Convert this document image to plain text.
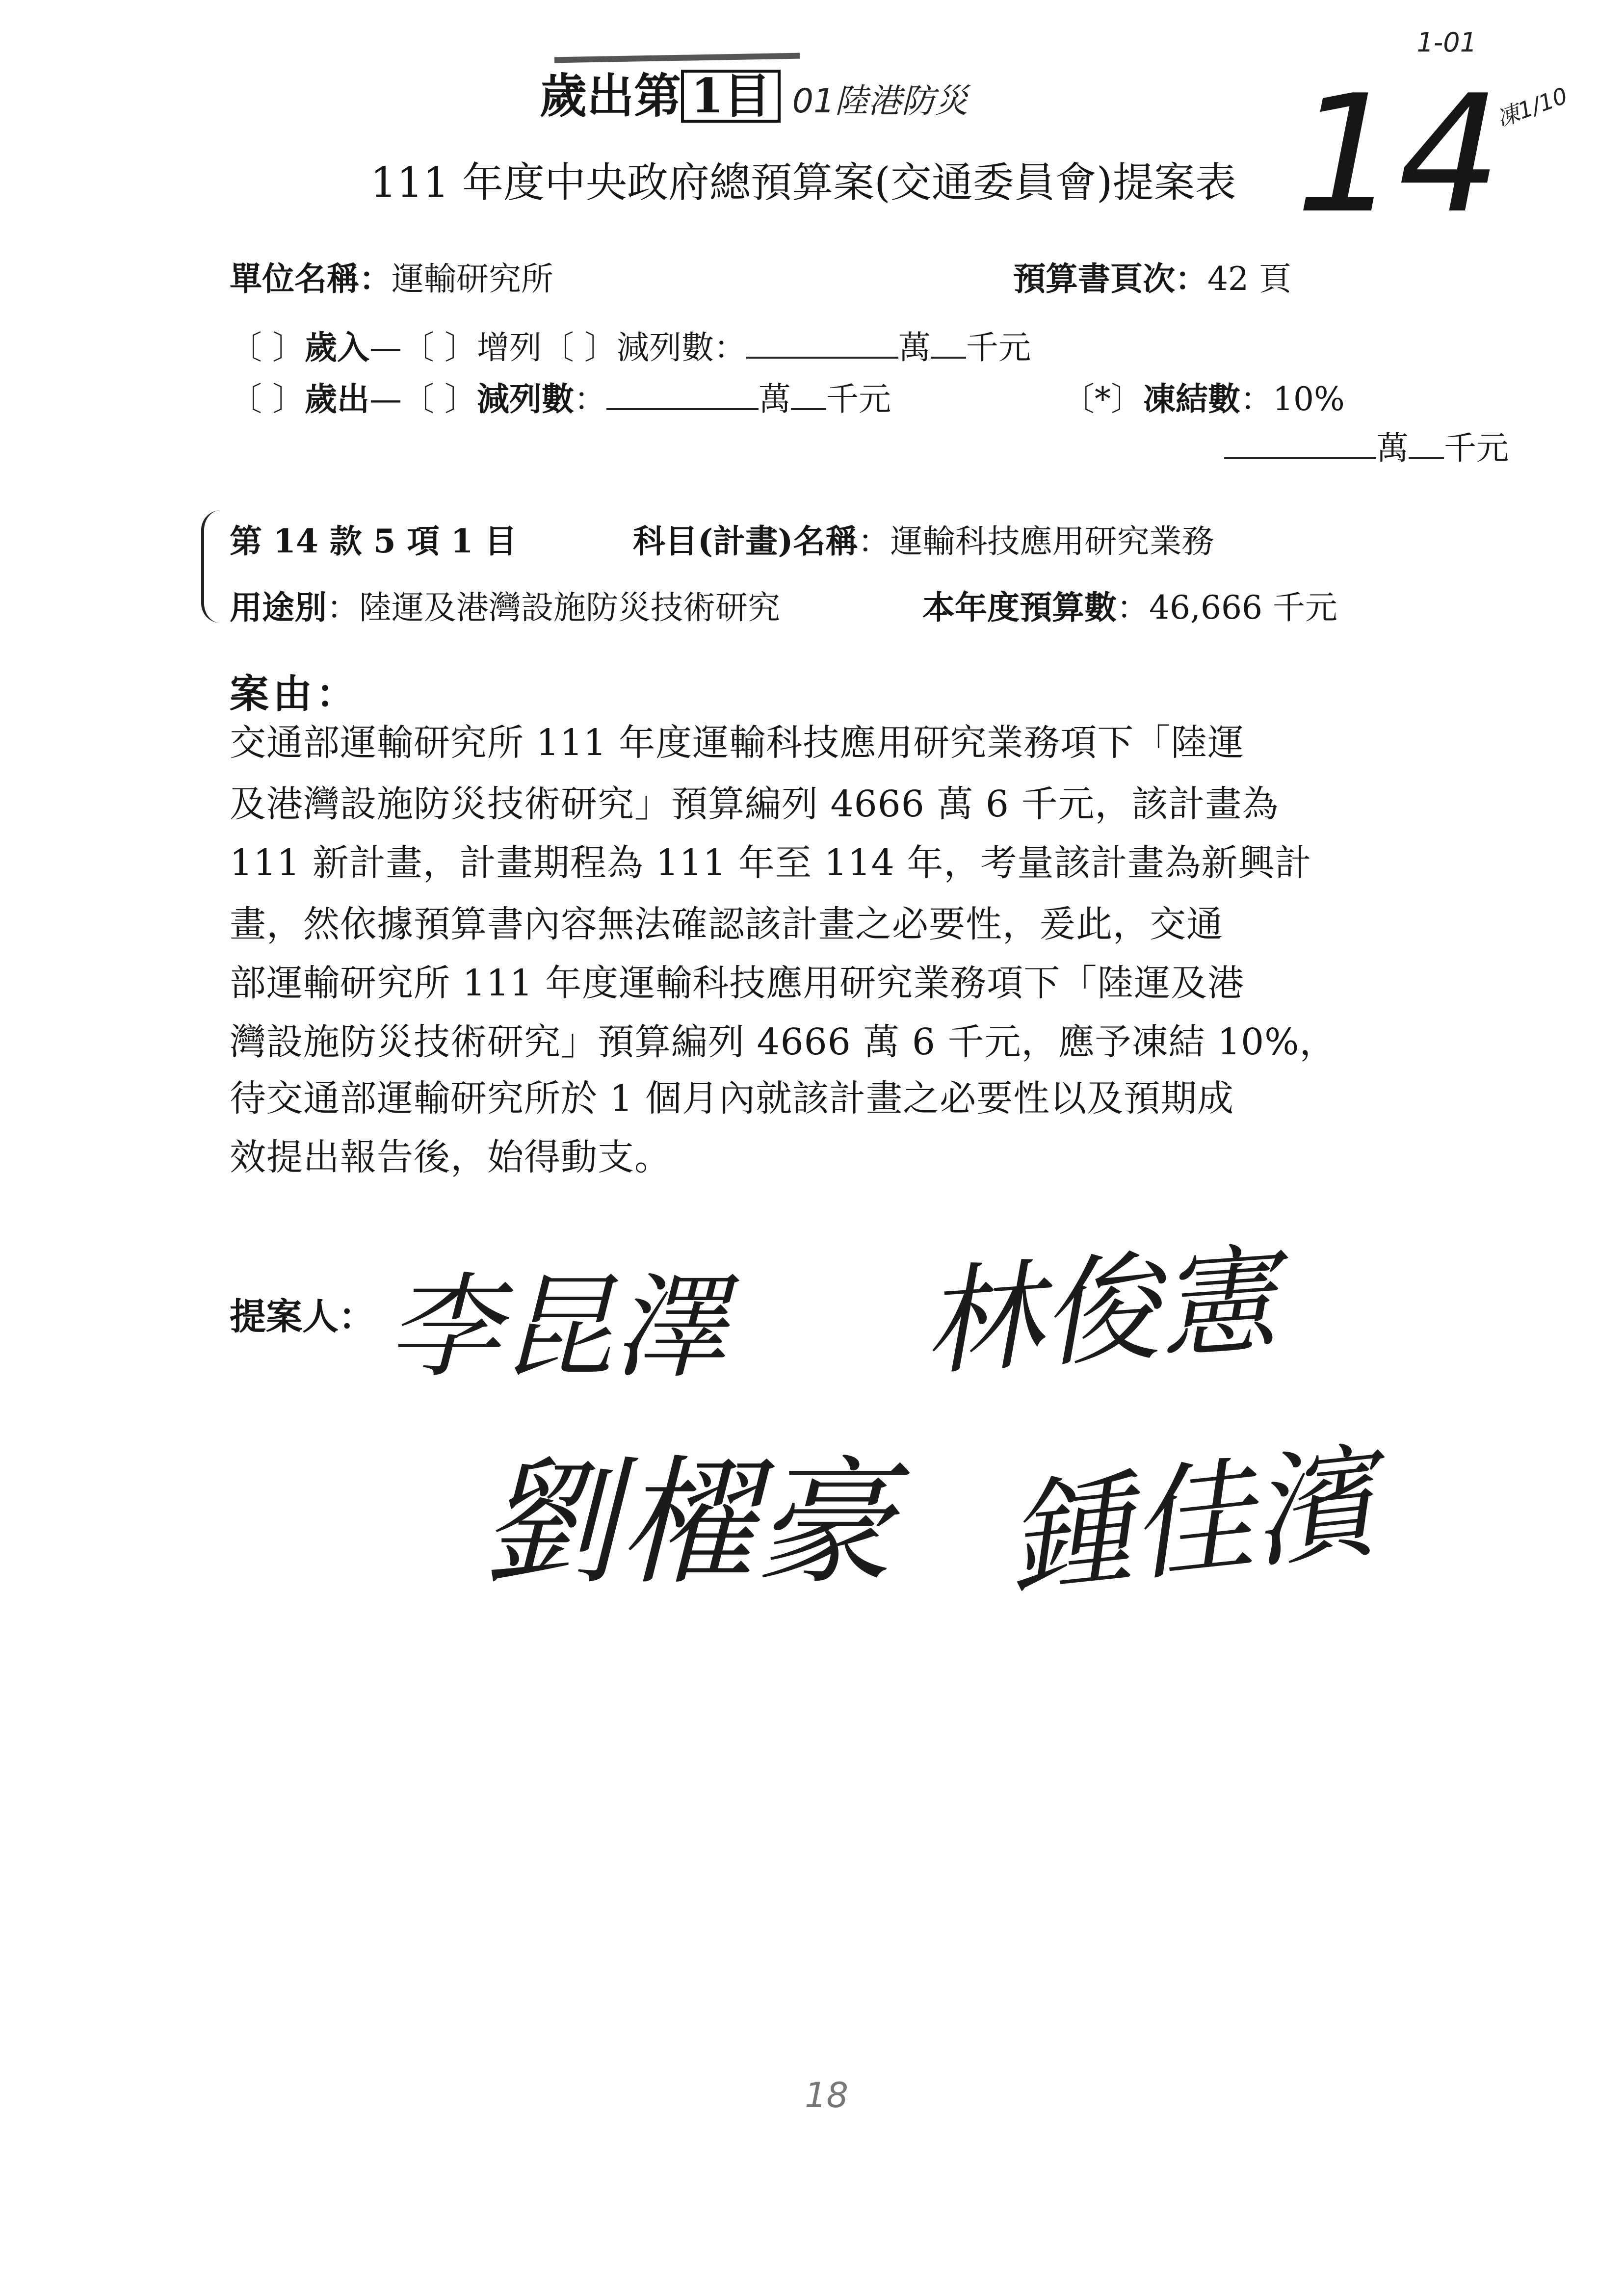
歲出第 1目 01陸港防災
1-01
14
凍1/10
111 年度中央政府總預算案(交通委員會)提案表
單位名稱：運輸研究所	預算書頁次：42 頁
〔 〕歲入—〔 〕增列〔 〕減列數：	萬 千元
〔 〕歲出—〔 〕減列數：	萬 千元	〔*〕凍結數：10%
萬 千元
第 14 款 5 項 1 目	科目(計畫)名稱：運輸科技應用研究業務
用途別：陸運及港灣設施防災技術研究	本年度預算數：46,666 千元
案由：
交通部運輸研究所 111 年度運輸科技應用研究業務項下「陸運
及港灣設施防災技術研究」預算編列 4666 萬 6 千元，該計畫為
111 新計畫，計畫期程為 111 年至 114 年，考量該計畫為新興計
畫，然依據預算書內容無法確認該計畫之必要性，爰此，交通
部運輸研究所 111 年度運輸科技應用研究業務項下「陸運及港
灣設施防災技術研究」預算編列 4666 萬 6 千元，應予凍結 10%，
待交通部運輸研究所於 1 個月內就該計畫之必要性以及預期成
效提出報告後，始得動支。
提案人： 李昆澤 林俊憲
劉櫂豪 鍾佳濱
18
